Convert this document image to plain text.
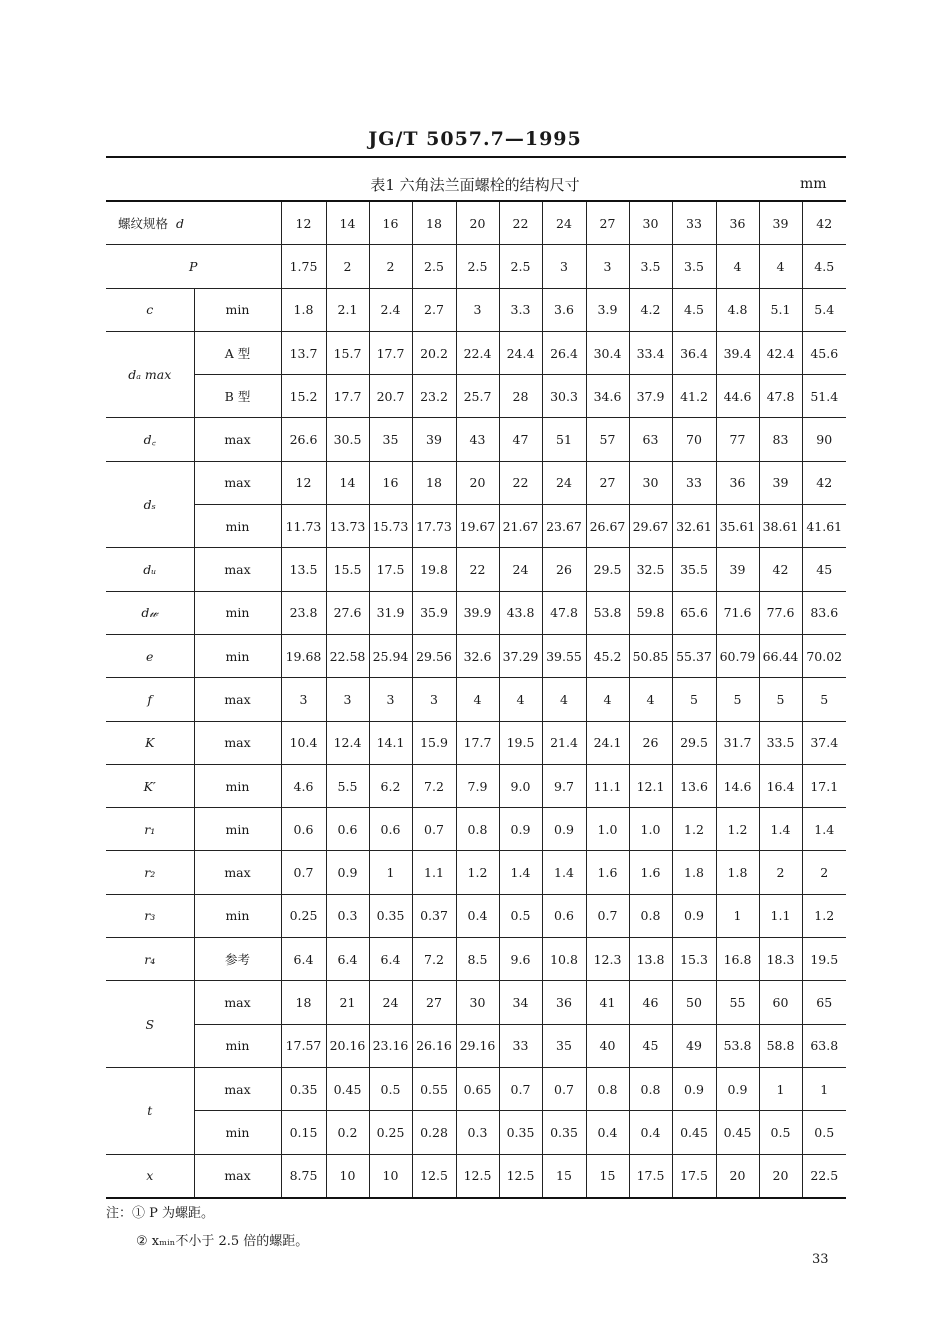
JG/T 5057.7—1995
表1 六角法兰面螺栓的结构尺寸	mm
螺纹规格 d		12	14	16	18	20	22	24	27	30	33	36	39	42
P		1.75	2	2	2.5	2.5	2.5	3	3	3.5	3.5	4	4	4.5
c	min	1.8	2.1	2.4	2.7	3	3.3	3.6	3.9	4.2	4.5	4.8	5.1	5.4
dₐ max	A 型	13.7	15.7	17.7	20.2	22.4	24.4	26.4	30.4	33.4	36.4	39.4	42.4	45.6
	B 型	15.2	17.7	20.7	23.2	25.7	28	30.3	34.6	37.9	41.2	44.6	47.8	51.4
d꜀	max	26.6	30.5	35	39	43	47	51	57	63	70	77	83	90
dₛ	max	12	14	16	18	20	22	24	27	30	33	36	39	42
	min	11.73	13.73	15.73	17.73	19.67	21.67	23.67	26.67	29.67	32.61	35.61	38.61	41.61
dᵤ	max	13.5	15.5	17.5	19.8	22	24	26	29.5	32.5	35.5	39	42	45
d𝓌	min	23.8	27.6	31.9	35.9	39.9	43.8	47.8	53.8	59.8	65.6	71.6	77.6	83.6
e	min	19.68	22.58	25.94	29.56	32.6	37.29	39.55	45.2	50.85	55.37	60.79	66.44	70.02
f	max	3	3	3	3	4	4	4	4	4	5	5	5	5
K	max	10.4	12.4	14.1	15.9	17.7	19.5	21.4	24.1	26	29.5	31.7	33.5	37.4
K′	min	4.6	5.5	6.2	7.2	7.9	9.0	9.7	11.1	12.1	13.6	14.6	16.4	17.1
r₁	min	0.6	0.6	0.6	0.7	0.8	0.9	0.9	1.0	1.0	1.2	1.2	1.4	1.4
r₂	max	0.7	0.9	1	1.1	1.2	1.4	1.4	1.6	1.6	1.8	1.8	2	2
r₃	min	0.25	0.3	0.35	0.37	0.4	0.5	0.6	0.7	0.8	0.9	1	1.1	1.2
r₄	参考	6.4	6.4	6.4	7.2	8.5	9.6	10.8	12.3	13.8	15.3	16.8	18.3	19.5
S	max	18	21	24	27	30	34	36	41	46	50	55	60	65
	min	17.57	20.16	23.16	26.16	29.16	33	35	40	45	49	53.8	58.8	63.8
t	max	0.35	0.45	0.5	0.55	0.65	0.7	0.7	0.8	0.8	0.9	0.9	1	1
	min	0.15	0.2	0.25	0.28	0.3	0.35	0.35	0.4	0.4	0.45	0.45	0.5	0.5
x	max	8.75	10	10	12.5	12.5	12.5	15	15	17.5	17.5	20	20	22.5
注：① P 为螺距。
② xₘᵢₙ不小于 2.5 倍的螺距。
33
